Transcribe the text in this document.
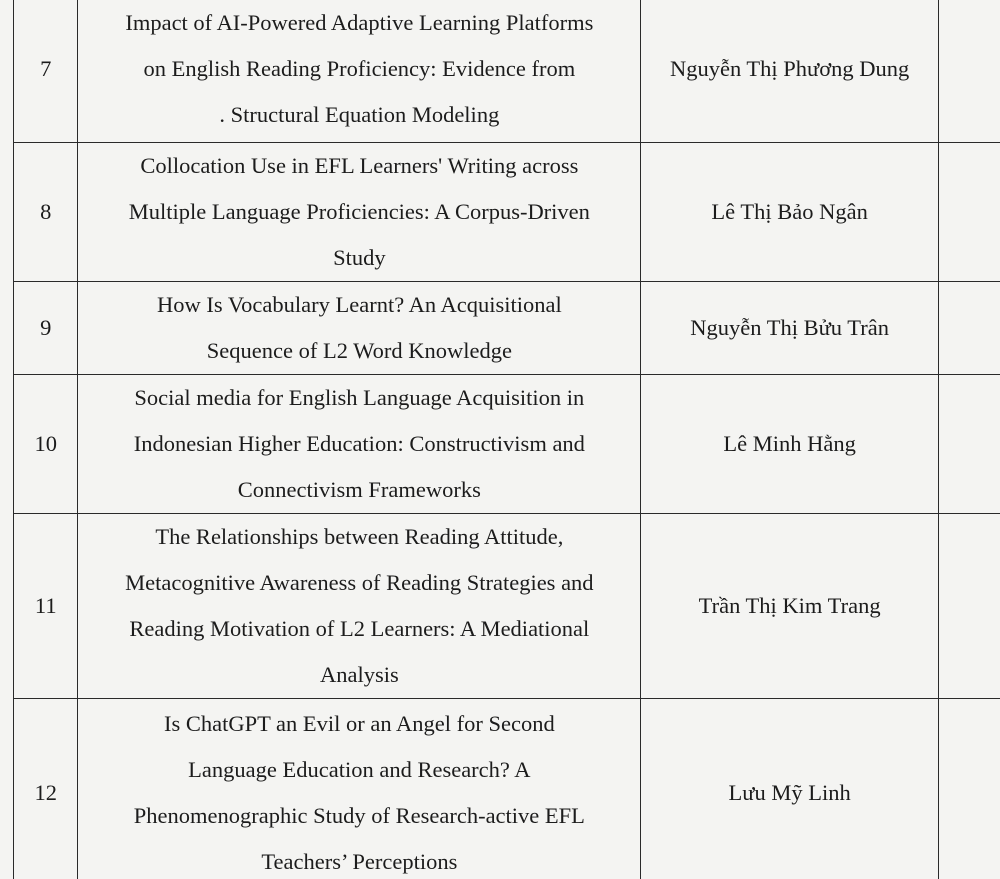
7	Impact of AI-Powered Adaptive Learning Platforms
on English Reading Proficiency: Evidence from
. Structural Equation Modeling	Nguyễn Thị Phương Dung	
8	Collocation Use in EFL Learners' Writing across
Multiple Language Proficiencies: A Corpus-Driven
Study	Lê Thị Bảo Ngân	
9	How Is Vocabulary Learnt? An Acquisitional
Sequence of L2 Word Knowledge	Nguyễn Thị Bửu Trân	
10	Social media for English Language Acquisition in
Indonesian Higher Education: Constructivism and
Connectivism Frameworks	Lê Minh Hằng	
11	The Relationships between Reading Attitude,
Metacognitive Awareness of Reading Strategies and
Reading Motivation of L2 Learners: A Mediational
Analysis	Trần Thị Kim Trang	
12	Is ChatGPT an Evil or an Angel for Second
Language Education and Research? A
Phenomenographic Study of Research-active EFL
Teachers’ Perceptions	Lưu Mỹ Linh	
